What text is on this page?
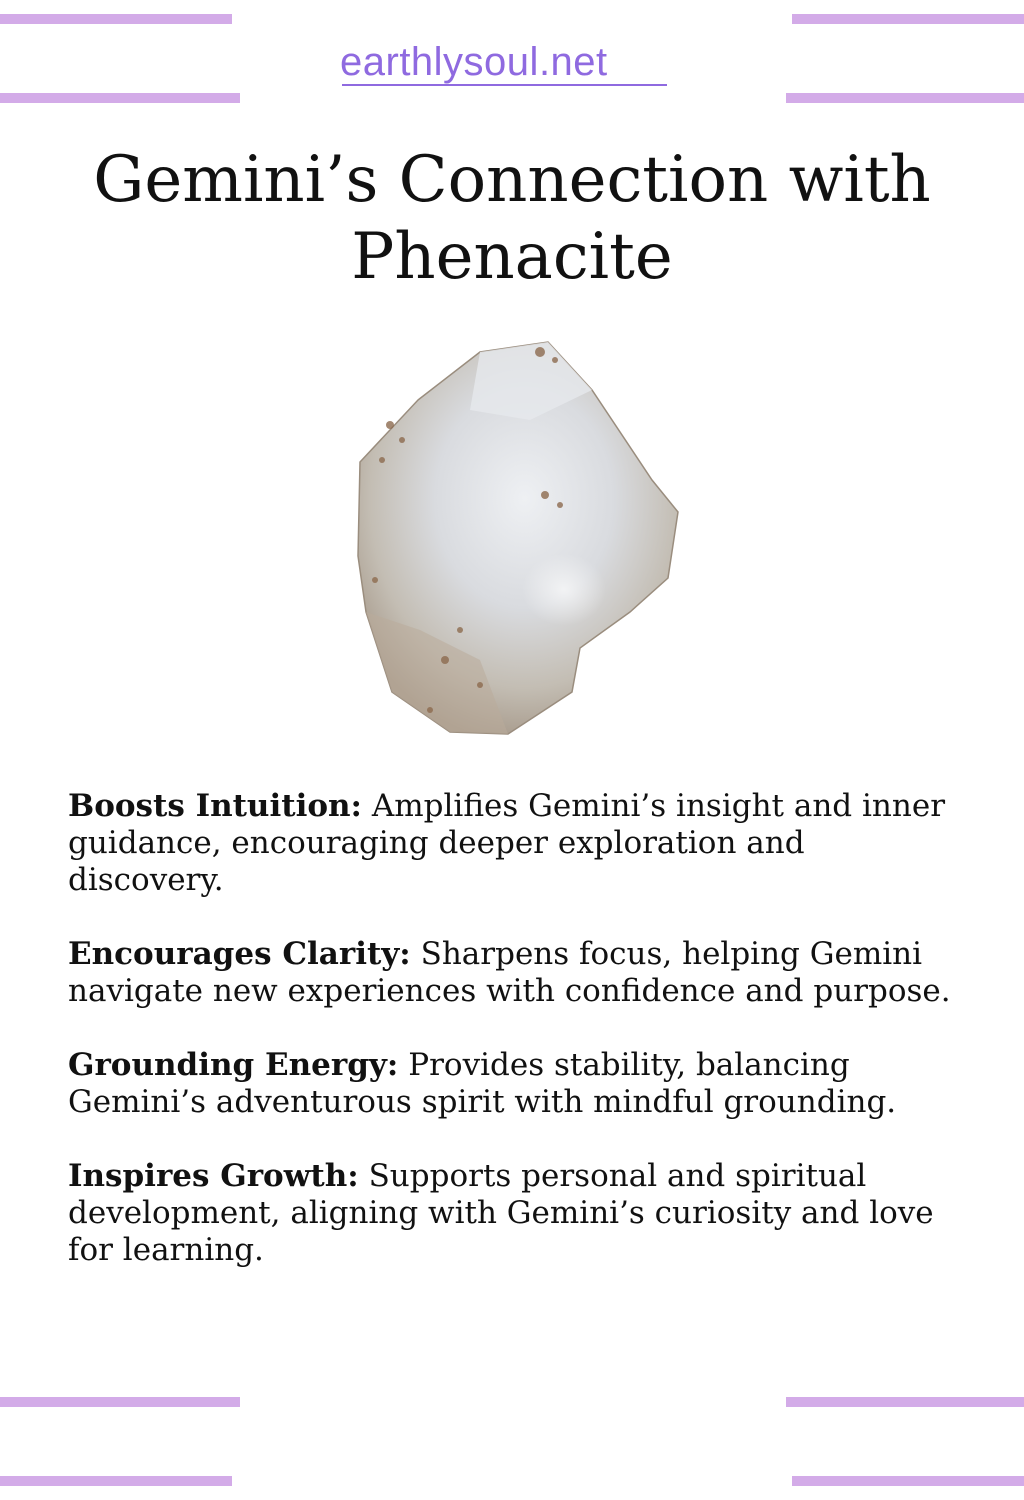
earthlysoul.net
Gemini’s Connection with Phenacite

Boosts Intuition: Amplifies Gemini’s insight and inner guidance, encouraging deeper exploration and discovery.

Encourages Clarity: Sharpens focus, helping Gemini navigate new experiences with confidence and purpose.

Grounding Energy: Provides stability, balancing Gemini’s adventurous spirit with mindful grounding.

Inspires Growth: Supports personal and spiritual development, aligning with Gemini’s curiosity and love for learning.
